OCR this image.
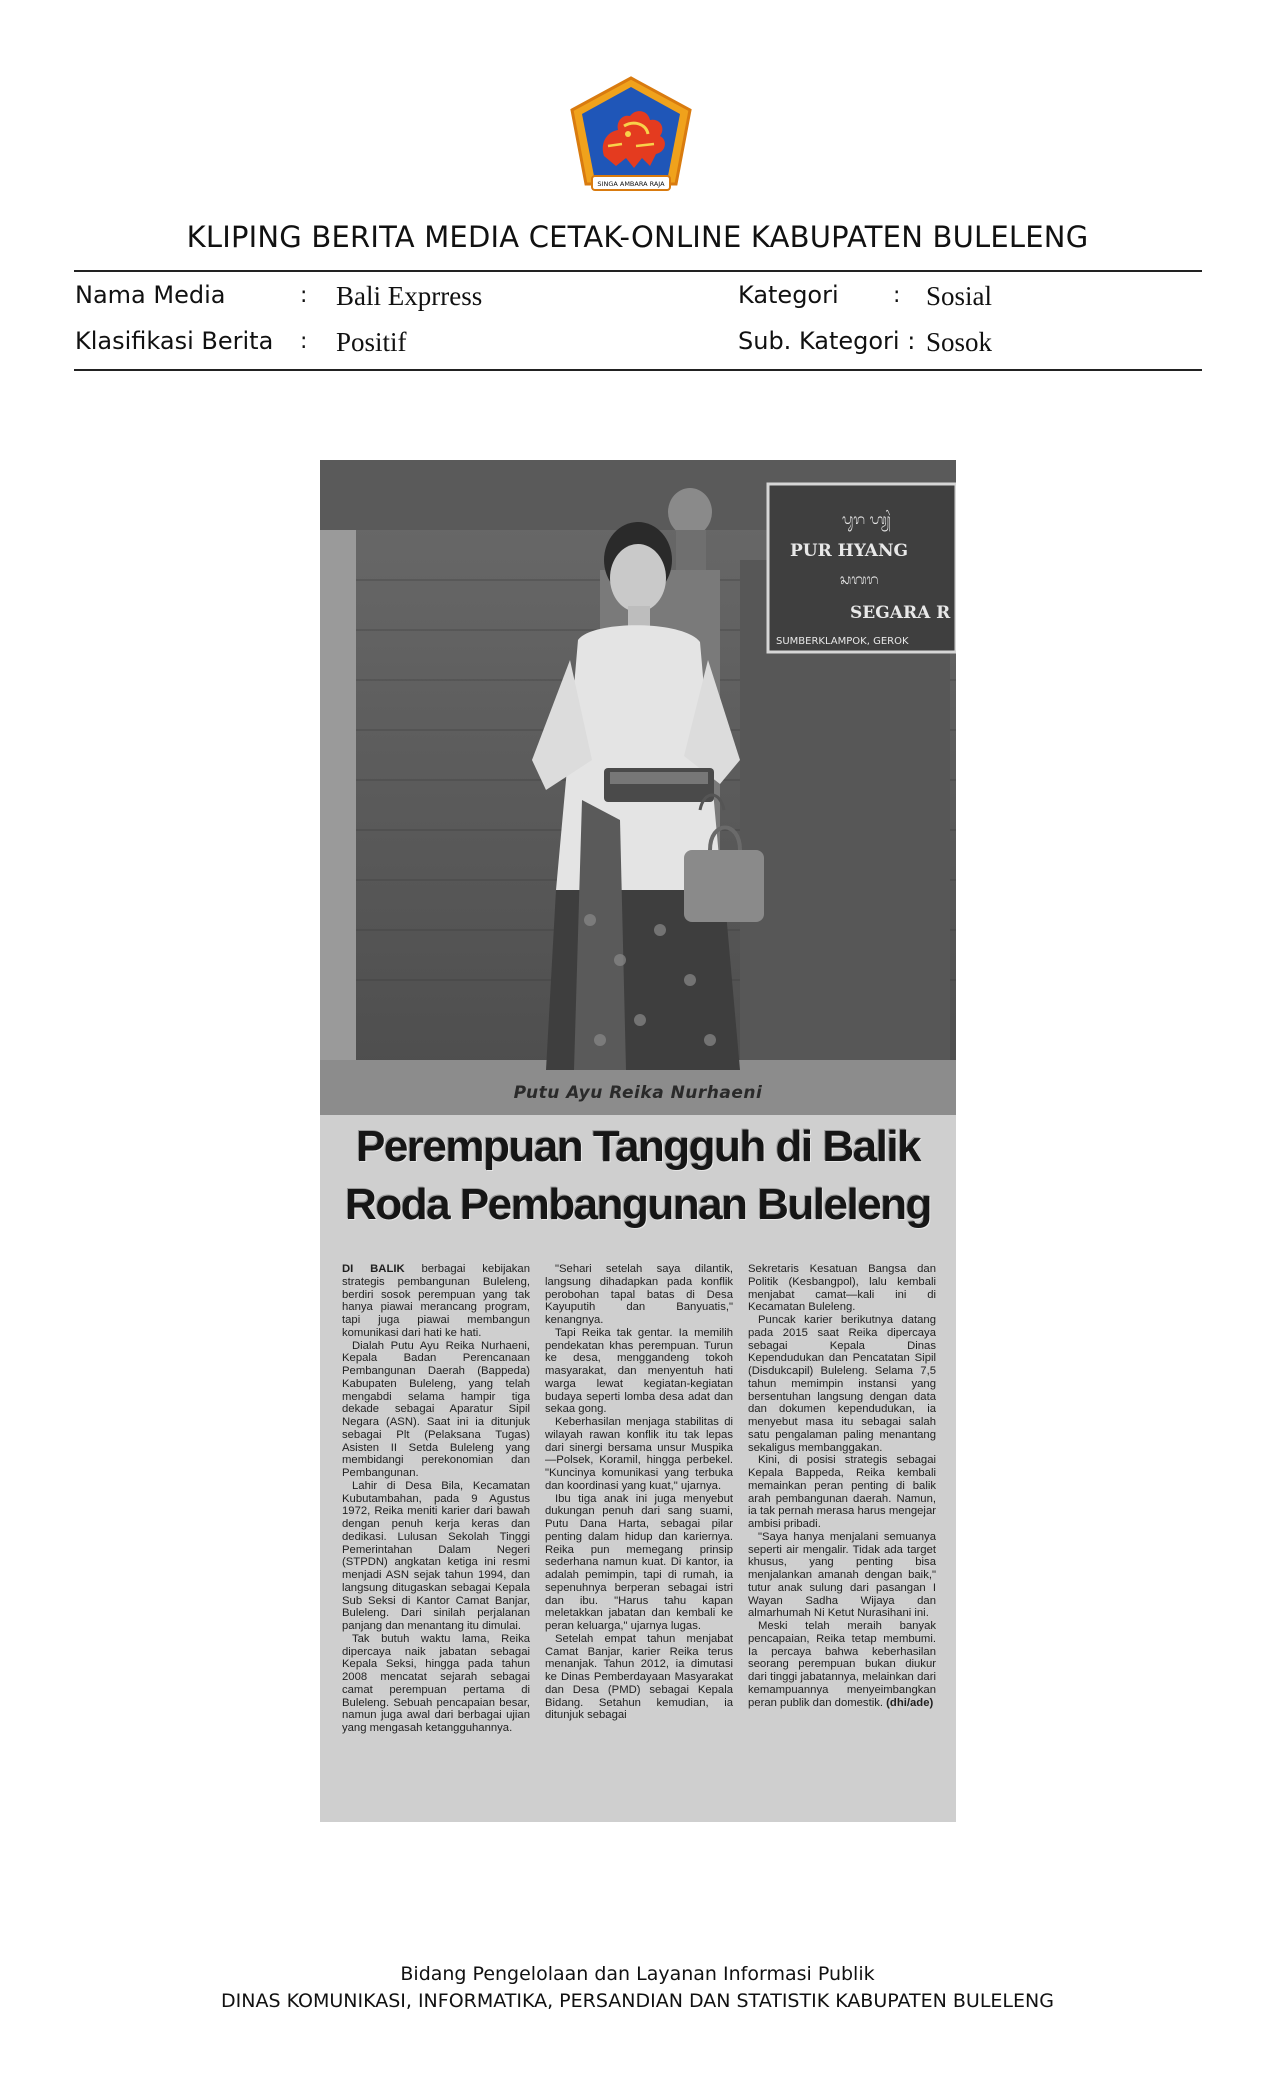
SINGA AMBARA RAJA
KLIPING BERITA MEDIA CETAK-ONLINE KABUPATEN BULELENG
Nama Media	: Bali Exprress	Kategori : Sosial
Klasifikasi Berita : Positif	Sub. Kategori : Sosok
ᬧᬸᬭ ᬳ᭄ᬬᬂ
PUR HYANG
ᬲᬕᬭ
SEGARA R
SUMBERKLAMPOK, GEROK
Putu Ayu Reika Nurhaeni
Perempuan Tangguh di Balik
Roda Pembangunan Buleleng

DI BALIK berbagai kebijakan strategis pembangunan Buleleng, berdiri sosok perempuan yang tak hanya piawai merancang program, tapi juga piawai membangun komunikasi dari hati ke hati.

Dialah Putu Ayu Reika Nurhaeni, Kepala Badan Perencanaan Pembangunan Daerah (Bappeda) Kabupaten Buleleng, yang telah mengabdi selama hampir tiga dekade sebagai Aparatur Sipil Negara (ASN). Saat ini ia ditunjuk sebagai Plt (Pelaksana Tugas) Asisten II Setda Buleleng yang membidangi perekonomian dan Pembangunan.

Lahir di Desa Bila, Kecamatan Kubutambahan, pada 9 Agustus 1972, Reika meniti karier dari bawah dengan penuh kerja keras dan dedikasi. Lulusan Sekolah Tinggi Pemerintahan Dalam Negeri (STPDN) angkatan ketiga ini resmi menjadi ASN sejak tahun 1994, dan langsung ditugaskan sebagai Kepala Sub Seksi di Kantor Camat Banjar, Buleleng. Dari sinilah perjalanan panjang dan menantang itu dimulai.

Tak butuh waktu lama, Reika dipercaya naik jabatan sebagai Kepala Seksi, hingga pada tahun 2008 mencatat sejarah sebagai camat perempuan pertama di Buleleng. Sebuah pencapaian besar, namun juga awal dari berbagai ujian yang mengasah ketangguhannya.

"Sehari setelah saya dilantik, langsung dihadapkan pada konflik perobohan tapal batas di Desa Kayuputih dan Banyuatis," kenangnya.

Tapi Reika tak gentar. Ia memilih pendekatan khas perempuan. Turun ke desa, menggandeng tokoh masyarakat, dan menyentuh hati warga lewat kegiatan-kegiatan budaya seperti lomba desa adat dan sekaa gong.

Keberhasilan menjaga stabilitas di wilayah rawan konflik itu tak lepas dari sinergi bersama unsur Muspika—Polsek, Koramil, hingga perbekel. "Kuncinya komunikasi yang terbuka dan koordinasi yang kuat," ujarnya.

Ibu tiga anak ini juga menyebut dukungan penuh dari sang suami, Putu Dana Harta, sebagai pilar penting dalam hidup dan kariernya. Reika pun memegang prinsip sederhana namun kuat. Di kantor, ia adalah pemimpin, tapi di rumah, ia sepenuhnya berperan sebagai istri dan ibu. "Harus tahu kapan meletakkan jabatan dan kembali ke peran keluarga," ujarnya lugas.

Setelah empat tahun menjabat Camat Banjar, karier Reika terus menanjak. Tahun 2012, ia dimutasi ke Dinas Pemberdayaan Masyarakat dan Desa (PMD) sebagai Kepala Bidang. Setahun kemudian, ia ditunjuk sebagai

Sekretaris Kesatuan Bangsa dan Politik (Kesbangpol), lalu kembali menjabat camat—kali ini di Kecamatan Buleleng.

Puncak karier berikutnya datang pada 2015 saat Reika dipercaya sebagai Kepala Dinas Kependudukan dan Pencatatan Sipil (Disdukcapil) Buleleng. Selama 7,5 tahun memimpin instansi yang bersentuhan langsung dengan data dan dokumen kependudukan, ia menyebut masa itu sebagai salah satu pengalaman paling menantang sekaligus membanggakan.

Kini, di posisi strategis sebagai Kepala Bappeda, Reika kembali memainkan peran penting di balik arah pembangunan daerah. Namun, ia tak pernah merasa harus mengejar ambisi pribadi.

"Saya hanya menjalani semuanya seperti air mengalir. Tidak ada target khusus, yang penting bisa menjalankan amanah dengan baik," tutur anak sulung dari pasangan I Wayan Sadha Wijaya dan almarhumah Ni Ketut Nurasihani ini.

Meski telah meraih banyak pencapaian, Reika tetap membumi. Ia percaya bahwa keberhasilan seorang perempuan bukan diukur dari tinggi jabatannya, melainkan dari kemampuannya menyeimbangkan peran publik dan domestik. (dhi/ade)

Bidang Pengelolaan dan Layanan Informasi Publik
DINAS KOMUNIKASI, INFORMATIKA, PERSANDIAN DAN STATISTIK KABUPATEN BULELENG
